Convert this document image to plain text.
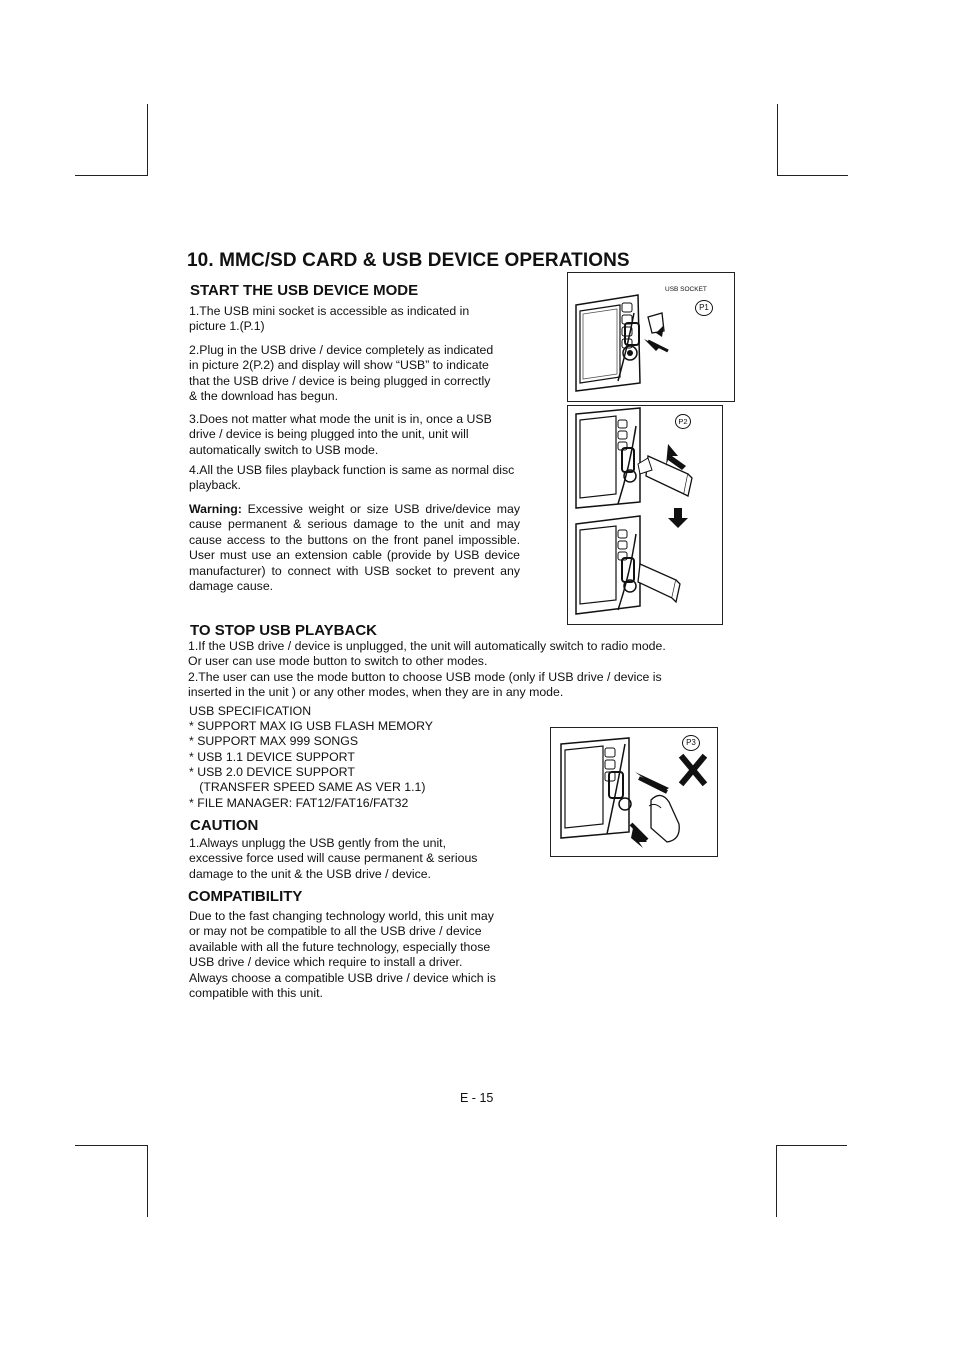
10. MMC/SD CARD & USB DEVICE OPERATIONS
START THE USB DEVICE MODE
1.The USB mini socket is accessible as indicated in
picture 1.(P.1)
2.Plug in the USB drive / device completely as indicated
in picture 2(P.2) and display will show “USB” to indicate
that the USB drive / device is being plugged in correctly
& the download has begun.
3.Does not matter what mode the unit is in, once a USB
drive / device is being plugged into the unit, unit will
automatically switch to USB mode.
4.All the USB files playback function is same as normal disc
playback.
Warning: Excessive weight or size USB drive/device may cause permanent & serious damage to the unit and may cause access to the buttons on the front panel impossible. User must use an extension cable (provide by USB device manufacturer) to connect with USB socket to prevent any damage cause.
TO STOP USB PLAYBACK
1.If the USB drive / device is unplugged, the unit will automatically switch to radio mode.
Or user can use mode button to switch to other modes.
2.The user can use the mode button to choose USB mode (only if USB drive / device is
inserted in the unit ) or any other modes, when they are in any mode.
USB SPECIFICATION
* SUPPORT MAX IG USB FLASH MEMORY
* SUPPORT MAX 999 SONGS
* USB 1.1 DEVICE SUPPORT
* USB 2.0 DEVICE SUPPORT
(TRANSFER SPEED SAME AS VER 1.1)
* FILE MANAGER: FAT12/FAT16/FAT32
CAUTION
1.Always unplugg the USB gently from the unit,
excessive force used will cause permanent & serious
damage to the unit & the USB drive / device.
COMPATIBILITY
Due to the fast changing technology world, this unit may
or may not be compatible to all the USB drive / device
available with all the future technology, especially those
USB drive / device which require to install a driver.
Always choose a compatible USB drive / device which is
compatible with this unit.
USB SOCKET
P1
P2
P3
E - 15
